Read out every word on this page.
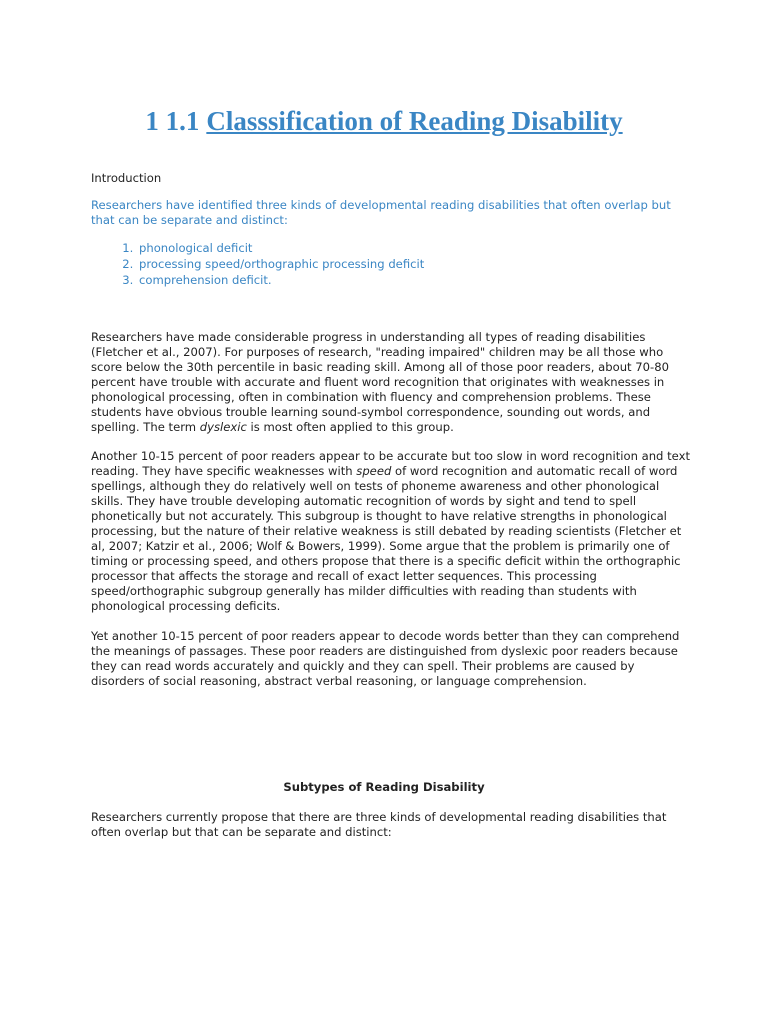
1 1.1 Classsification of Reading Disability

Introduction

Researchers have identified three kinds of developmental reading disabilities that often overlap but that can be separate and distinct:

1. phonological deficit
2. processing speed/orthographic processing deficit
3. comprehension deficit.

Researchers have made considerable progress in understanding all types of reading disabilities (Fletcher et al., 2007). For purposes of research, "reading impaired" children may be all those who score below the 30th percentile in basic reading skill. Among all of those poor readers, about 70-80 percent have trouble with accurate and fluent word recognition that originates with weaknesses in phonological processing, often in combination with fluency and comprehension problems. These students have obvious trouble learning sound-symbol correspondence, sounding out words, and spelling. The term dyslexic is most often applied to this group.

Another 10-15 percent of poor readers appear to be accurate but too slow in word recognition and text reading. They have specific weaknesses with speed of word recognition and automatic recall of word spellings, although they do relatively well on tests of phoneme awareness and other phonological skills. They have trouble developing automatic recognition of words by sight and tend to spell phonetically but not accurately. This subgroup is thought to have relative strengths in phonological processing, but the nature of their relative weakness is still debated by reading scientists (Fletcher et al, 2007; Katzir et al., 2006; Wolf & Bowers, 1999). Some argue that the problem is primarily one of timing or processing speed, and others propose that there is a specific deficit within the orthographic processor that affects the storage and recall of exact letter sequences. This processing speed/orthographic subgroup generally has milder difficulties with reading than students with phonological processing deficits.

Yet another 10-15 percent of poor readers appear to decode words better than they can comprehend the meanings of passages. These poor readers are distinguished from dyslexic poor readers because they can read words accurately and quickly and they can spell. Their problems are caused by disorders of social reasoning, abstract verbal reasoning, or language comprehension.

Subtypes of Reading Disability

Researchers currently propose that there are three kinds of developmental reading disabilities that often overlap but that can be separate and distinct:
